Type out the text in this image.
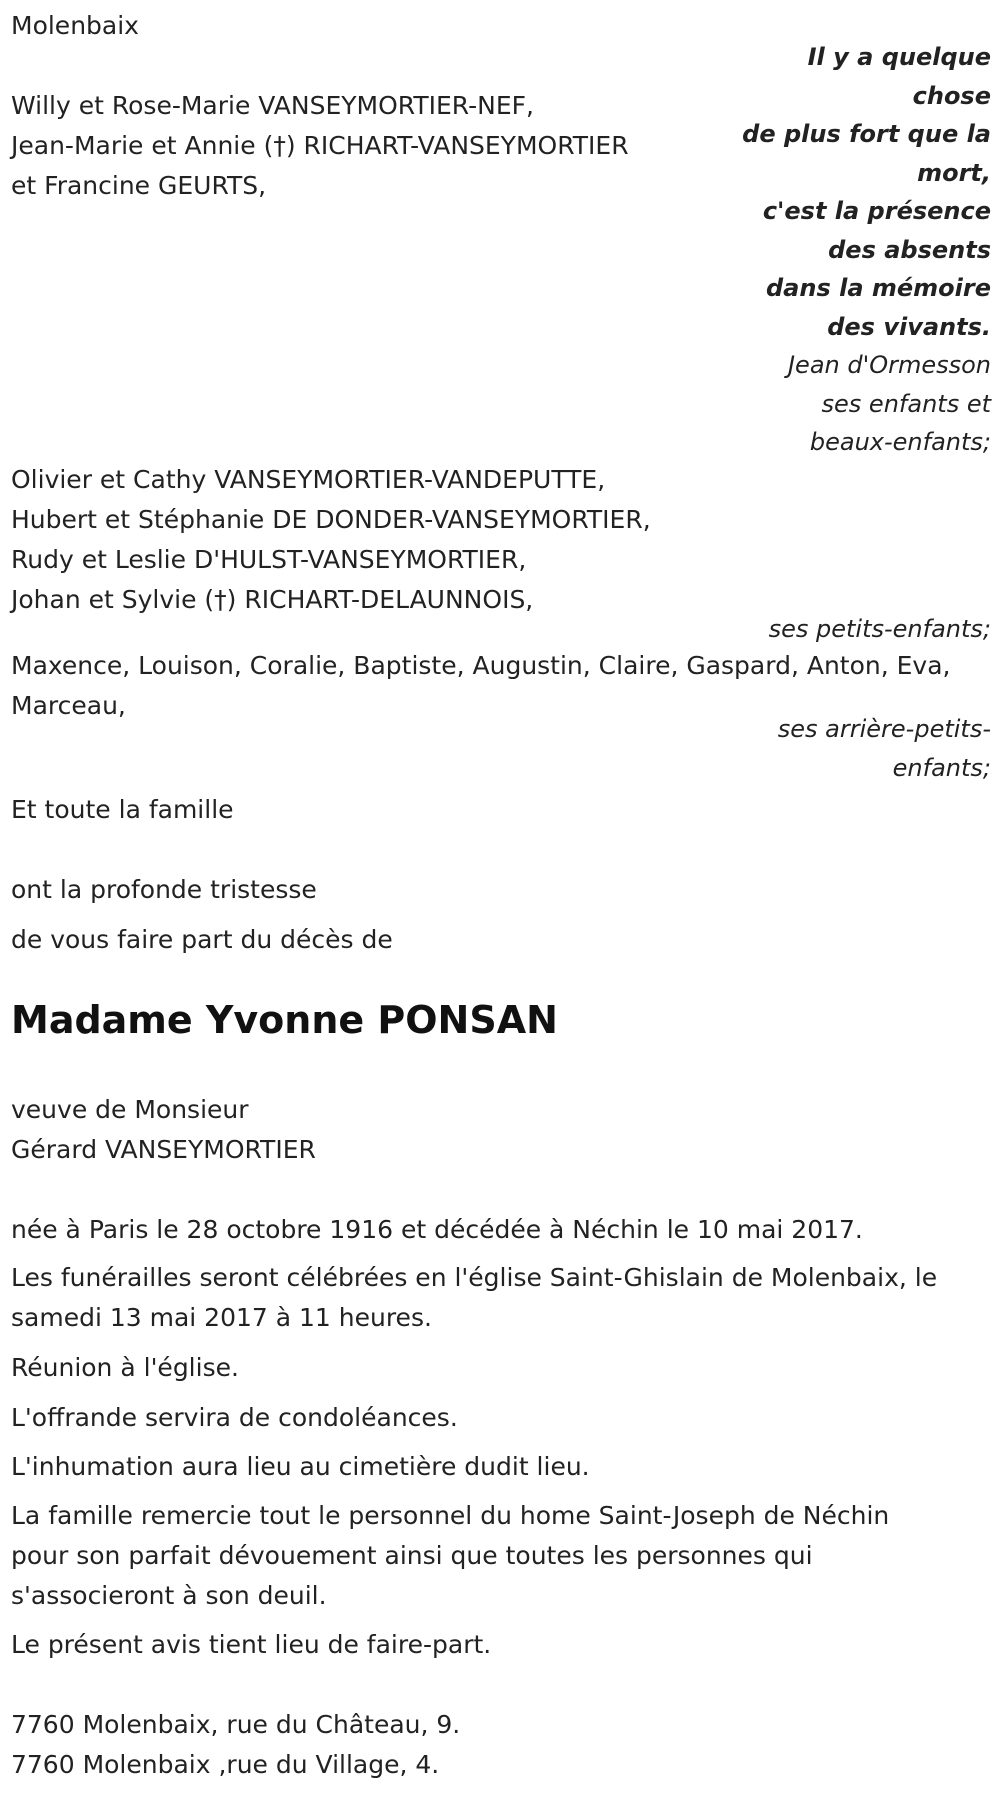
Molenbaix

Il y a quelque
chose
de plus fort que la
mort,
c'est la présence
des absents
dans la mémoire
des vivants.
Jean d'Ormesson
ses enfants et
beaux-enfants;

Willy et Rose-Marie VANSEYMORTIER-NEF,

Jean-Marie et Annie (†) RICHART-VANSEYMORTIER

et Francine GEURTS,

Olivier et Cathy VANSEYMORTIER-VANDEPUTTE,

Hubert et Stéphanie DE DONDER-VANSEYMORTIER,

Rudy et Leslie D'HULST-VANSEYMORTIER,

Johan et Sylvie (†) RICHART-DELAUNNOIS,

ses petits-enfants;

Maxence, Louison, Coralie, Baptiste, Augustin, Claire, Gaspard, Anton, Eva,

Marceau,

ses arrière-petits-
enfants;

Et toute la famille

ont la profonde tristesse

de vous faire part du décès de

Madame Yvonne PONSAN

veuve de Monsieur

Gérard VANSEYMORTIER

née à Paris le 28 octobre 1916 et décédée à Néchin le 10 mai 2017.

Les funérailles seront célébrées en l'église Saint-Ghislain de Molenbaix, le

samedi 13 mai 2017 à 11 heures.

Réunion à l'église.

L'offrande servira de condoléances.

L'inhumation aura lieu au cimetière dudit lieu.

La famille remercie tout le personnel du home Saint-Joseph de Néchin

pour son parfait dévouement ainsi que toutes les personnes qui

s'associeront à son deuil.

Le présent avis tient lieu de faire-part.

7760 Molenbaix, rue du Château, 9.

7760 Molenbaix ,rue du Village, 4.
